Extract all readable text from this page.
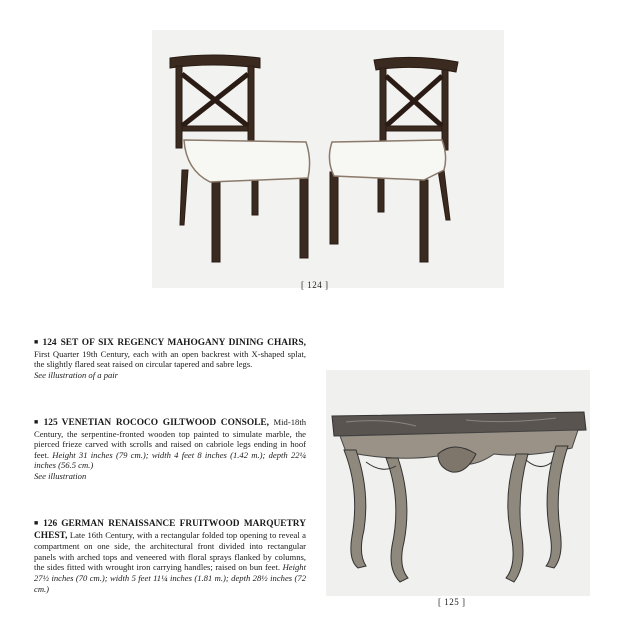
[ 124 ]
■ 124 SET OF SIX REGENCY MAHOGANY DINING CHAIRS, First Quarter 19th Century, each with an open backrest with X-shaped splat, the slightly flared seat raised on circular tapered and sabre legs.
See illustration of a pair
■ 125 VENETIAN ROCOCO GILTWOOD CONSOLE, Mid-18th Century, the serpentine-fronted wooden top painted to simulate marble, the pierced frieze carved with scrolls and raised on cabriole legs ending in hoof feet. Height 31 inches (79 cm.); width 4 feet 8 inches (1.42 m.); depth 22¼ inches (56.5 cm.)
See illustration
■ 126 GERMAN RENAISSANCE FRUITWOOD MARQUETRY CHEST, Late 16th Century, with a rectangular folded top opening to reveal a compartment on one side, the architectural front divided into rectangular panels with arched tops and veneered with floral sprays flanked by columns, the sides fitted with wrought iron carrying handles; raised on bun feet. Height 27½ inches (70 cm.); width 5 feet 11¼ inches (1.81 m.); depth 28½ inches (72 cm.)
[ 125 ]
